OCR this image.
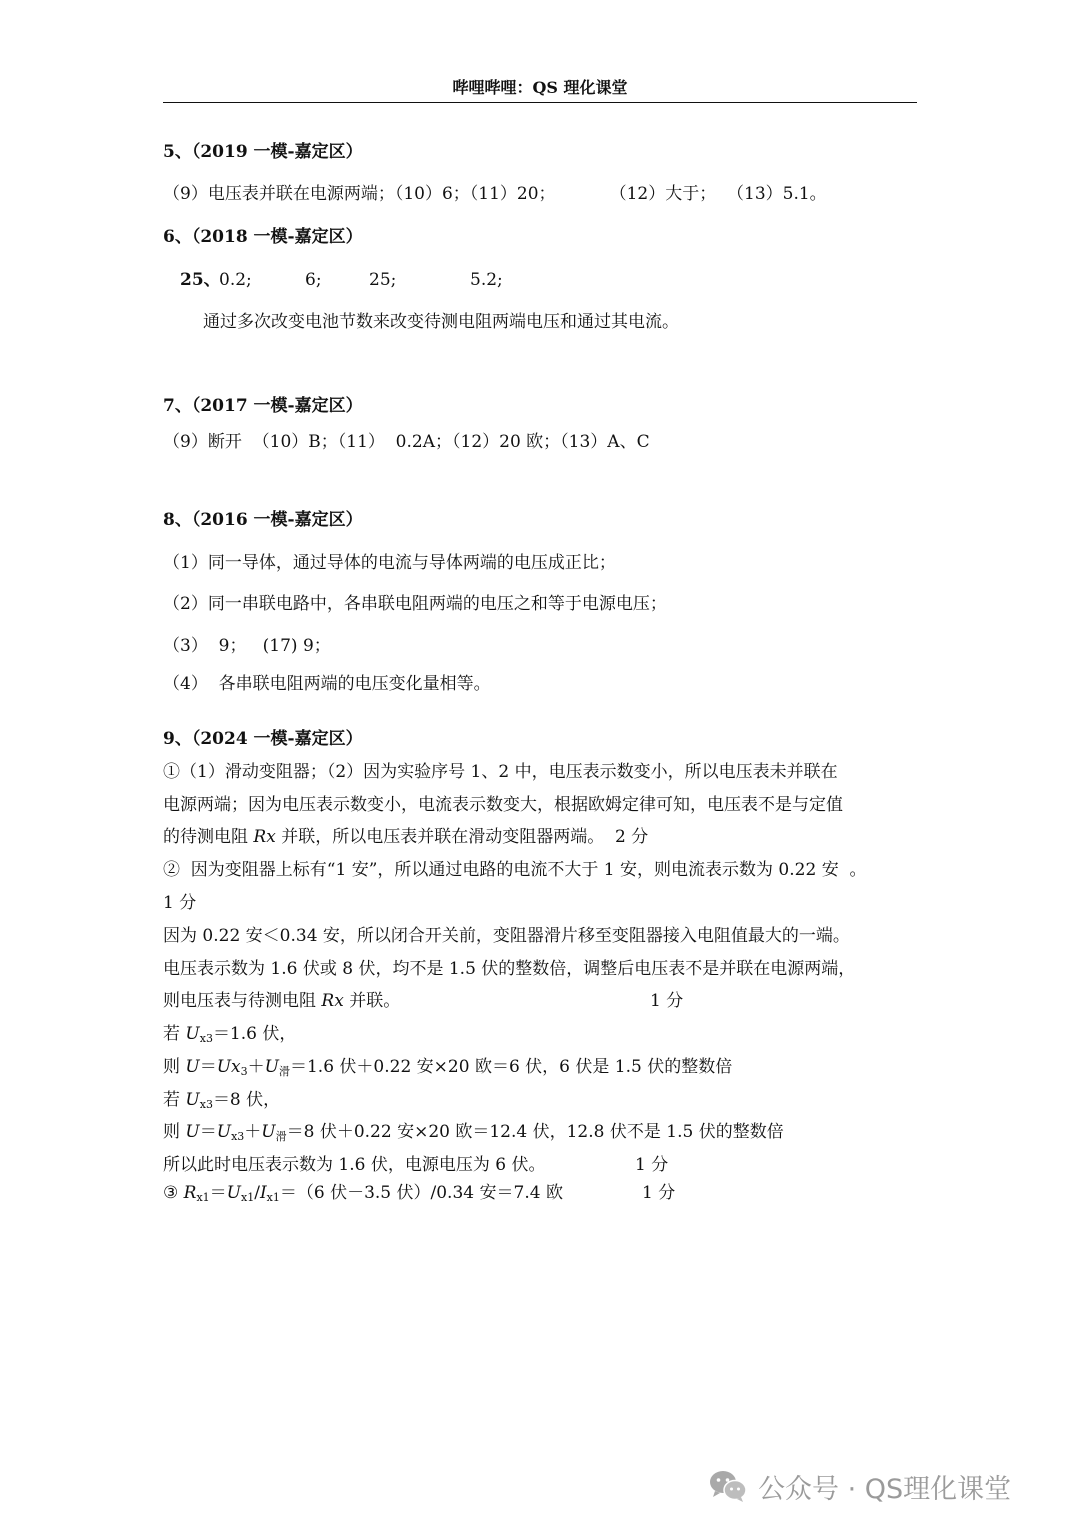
哔哩哔哩：QS 理化课堂
5、（2019 一模-嘉定区）
（9）电压表并联在电源两端；（10）6；（11）20；          （12）大于；  （13）5.1。
6、（2018 一模-嘉定区）
25、
0.2;	6;	25;	5.2;
通过多次改变电池节数来改变待测电阻两端电压和通过其电流。
7、（2017 一模-嘉定区）
（9）断开  （10）B；（11）  0.2A；（12）20 欧；（13）A、C
8、（2016 一模-嘉定区）
（1）同一导体，通过导体的电流与导体两端的电压成正比；
（2）同一串联电路中，各串联电阻两端的电压之和等于电源电压；
（3）  9；   (17) 9；
（4）  各串联电阻两端的电压变化量相等。
9、（2024 一模-嘉定区）
①（1）滑动变阻器；（2）因为实验序号 1、2 中，电压表示数变小，所以电压表未并联在
电源两端；因为电压表示数变小，电流表示数变大，根据欧姆定律可知，电压表不是与定值
的待测电阻 Rx 并联，所以电压表并联在滑动变阻器两端。  2 分
②  因为变阻器上标有“1 安”，所以通过电路的电流不大于 1 安，则电流表示数为 0.22 安  。
1 分
因为 0.22 安＜0.34 安，所以闭合开关前，变阻器滑片移至变阻器接入电阻值最大的一端。
电压表示数为 1.6 伏或 8 伏，均不是 1.5 伏的整数倍，调整后电压表不是并联在电源两端，
则电压表与待测电阻 Rx 并联。	1 分
若 $U_{x3}=1.6$ 伏，
则 $U=Ux_3+U$滑＝1.6 伏＋0.22 安×20 欧＝6 伏，6 伏是 1.5 伏的整数倍
若 $U_{x3}=8$ 伏，
则 $U=U_{x3}+U$滑＝8 伏＋0.22 安×20 欧＝12.4 伏，12.8 伏不是 1.5 伏的整数倍
所以此时电压表示数为 1.6 伏，电源电压为 6 伏。	1 分
③ $R_{x1}=U_{x1}/I_{x1}=(6$ 伏－3.5 伏）/0.34 安＝7.4 欧	1 分
公众号 · QS理化课堂
